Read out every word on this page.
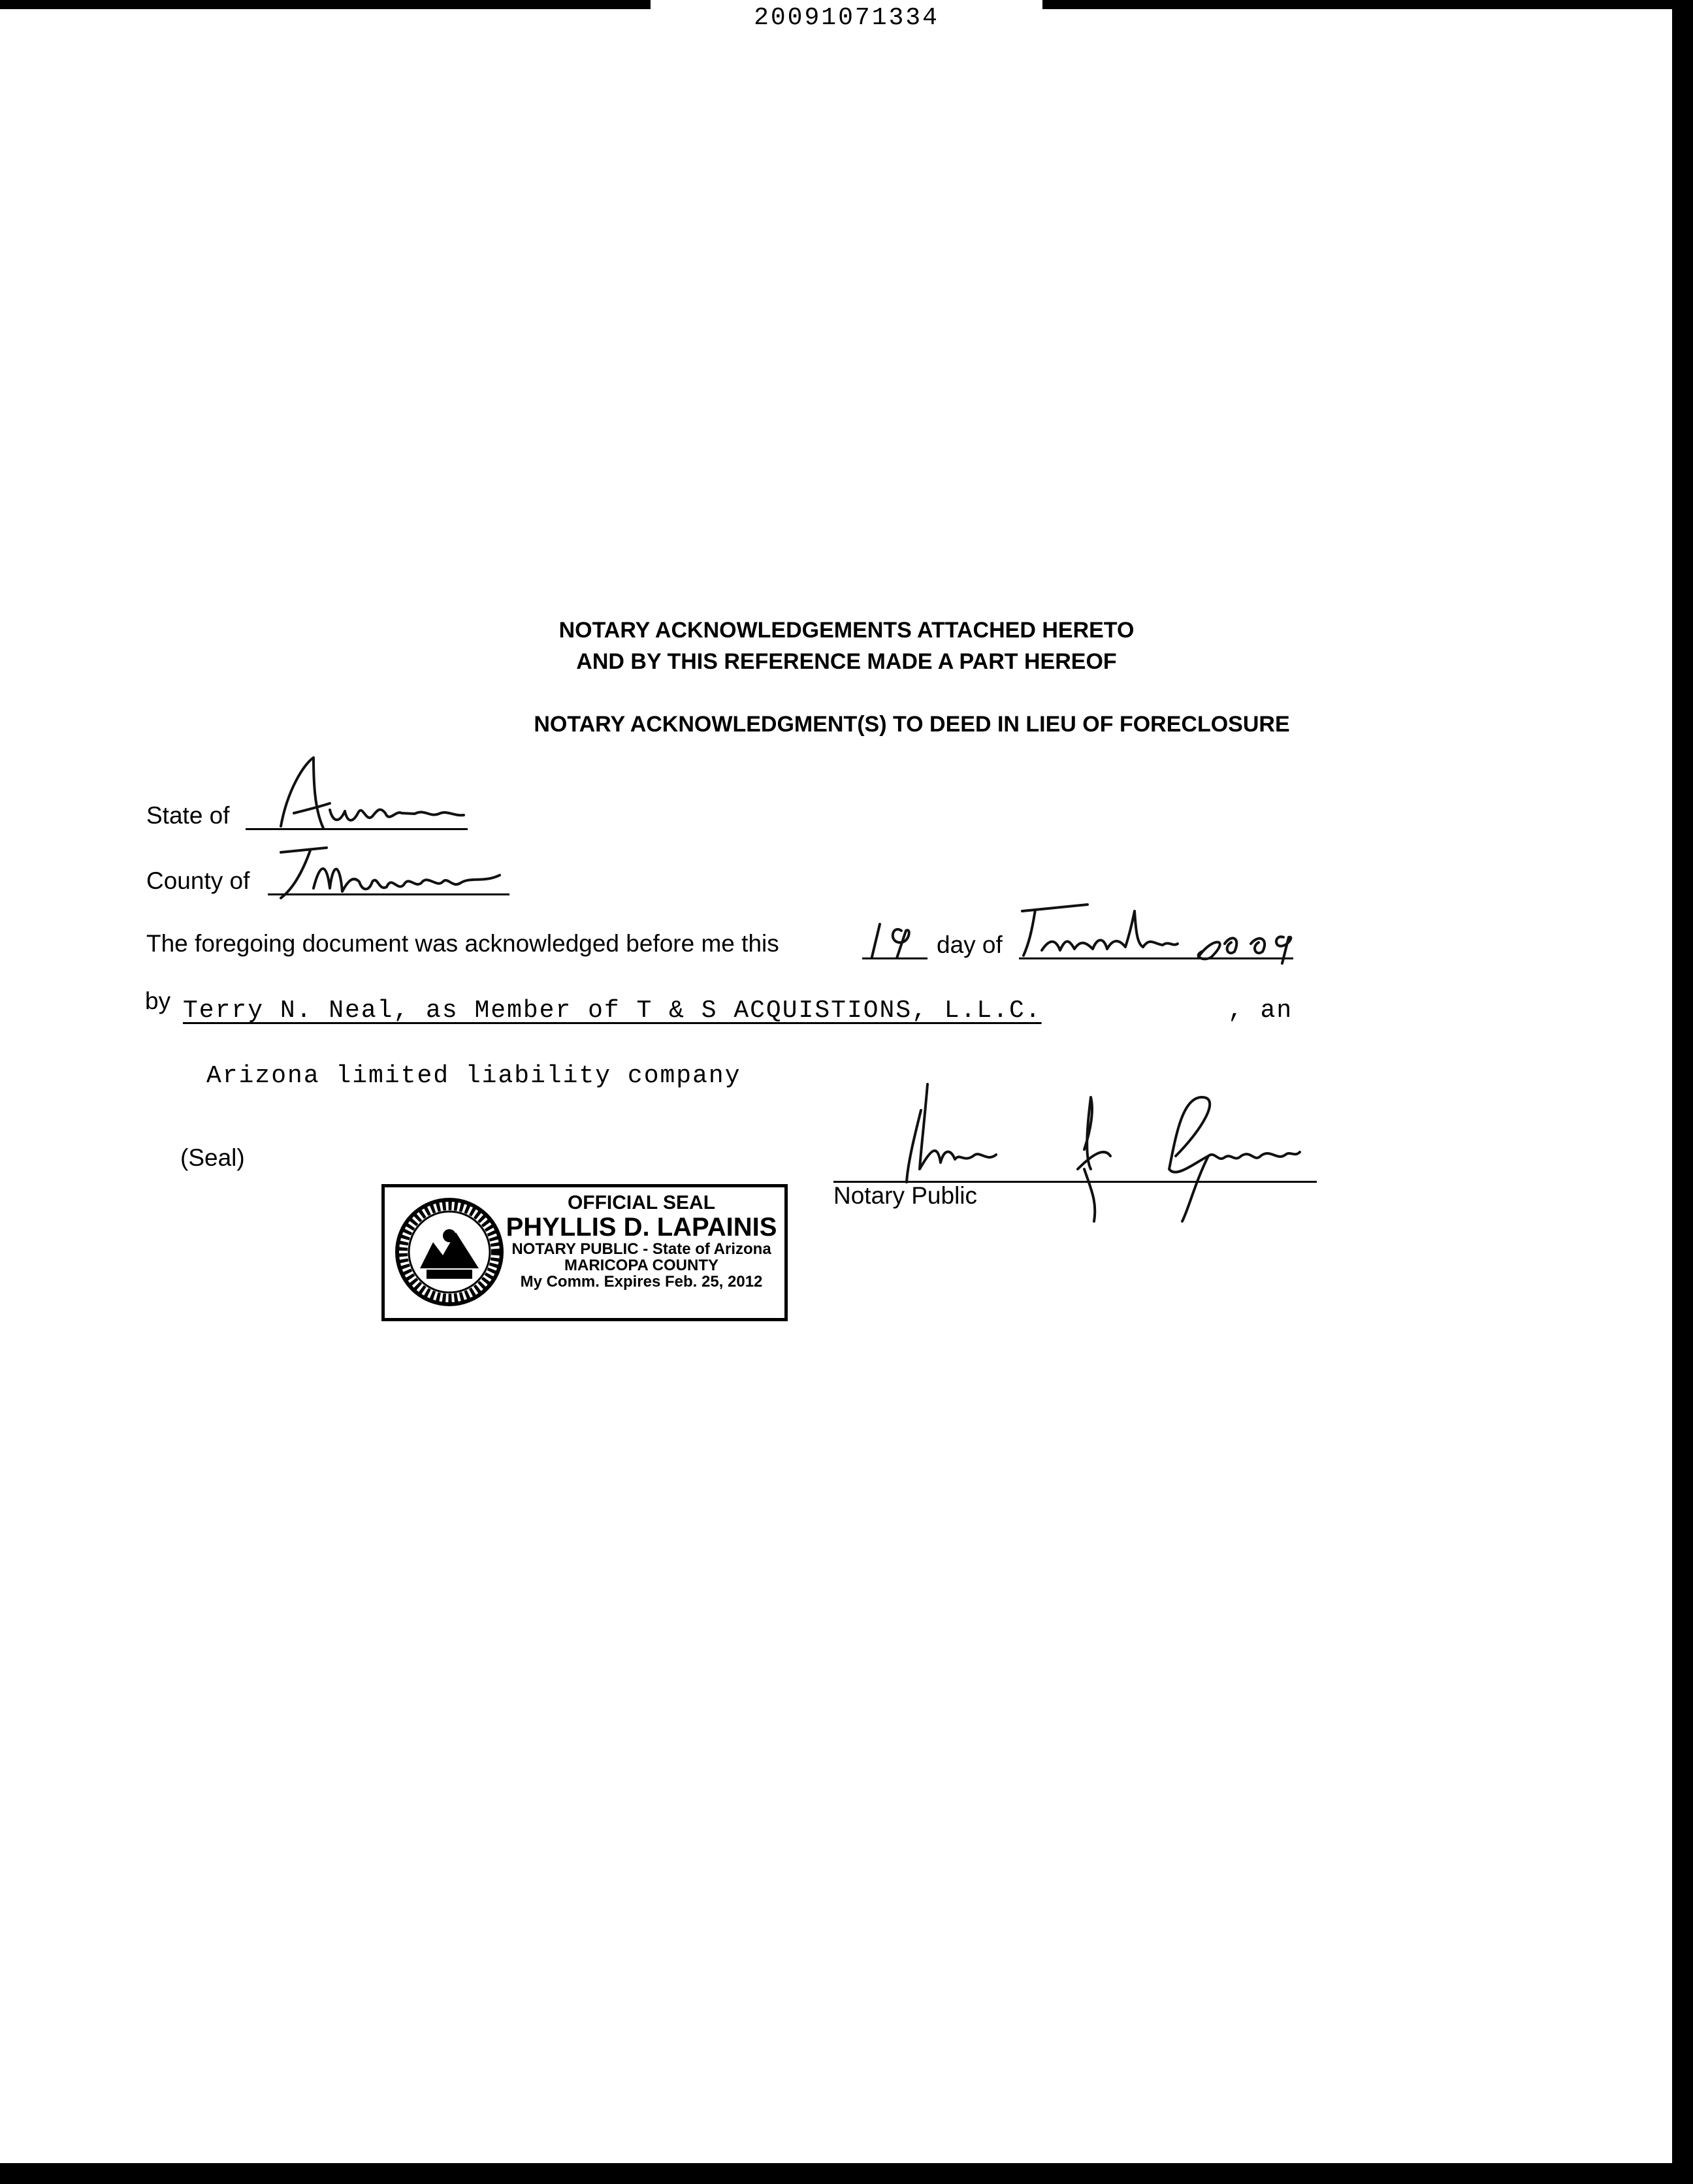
20091071334
NOTARY ACKNOWLEDGEMENTS ATTACHED HERETO
AND BY THIS REFERENCE MADE A PART HEREOF
NOTARY ACKNOWLEDGMENT(S) TO DEED IN LIEU OF FORECLOSURE
State of
County of
The foregoing document was acknowledged before me this	day of
by Terry N. Neal, as Member of T & S ACQUISTIONS, L.L.C.	, an
Arizona limited liability company
(Seal)
Notary Public
OFFICIAL SEAL
PHYLLIS D. LAPAINIS
NOTARY PUBLIC - State of Arizona
MARICOPA COUNTY
My Comm. Expires Feb. 25, 2012
